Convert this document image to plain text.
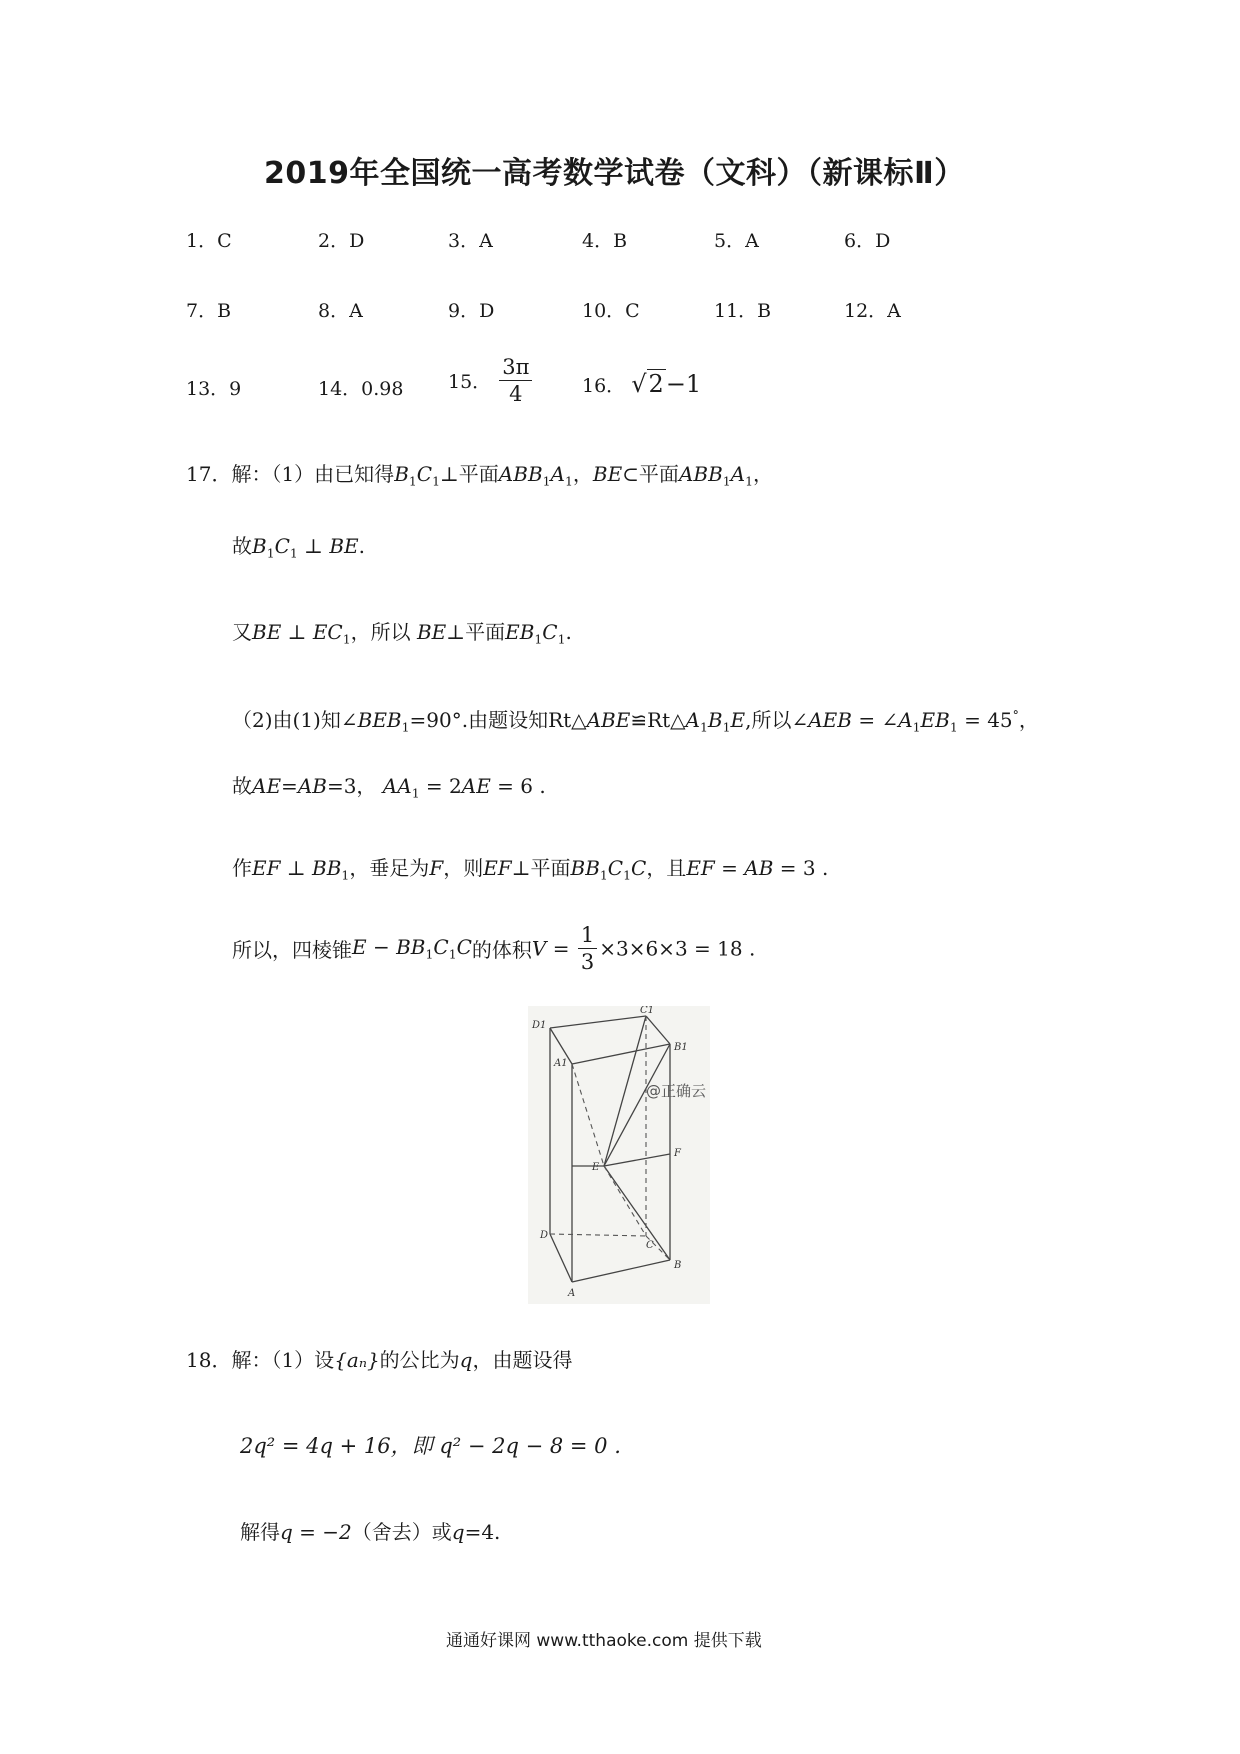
2019年全国统一高考数学试卷（文科）（新课标Ⅱ）
1．C	2．D	3．A	4．B	5．A	6．D
7．B	8．A	9．D	10．C	11．B	12．A
13．9	14．0.98 15． $\frac{3\pi}{4}$	16． √2−1
17．解：（1）由已知得$B_1C_1\perp$平面$ABB_1A_1$，BE⊂平面$ABB_1A_1$，
故$B_1C_1$ ⊥ BE.
又BE ⊥ $EC_1$，所以 BE⊥平面$EB_1C_1$.
（2)由(1)知$\angle BEB_1=90^\circ$.由题设知$Rt\triangle ABE≌Rt\triangle A_1B_1E$,所以∠AEB = $\angle A_1EB_1 = 45^\circ$，
故AE=AB=3， $AA_1 = 2AE = 6$ .
作EF ⊥ $BB_1$，垂足为F，则EF⊥平面$BB_1C_1C$，且EF = AB = 3 .
所以，四棱锥$E - BB_1C_1C$的体积$V = \frac{1}{3} \times 3\times 6\times 3 = 18$ .
D1
C1
B1
A1
F
E
D
C
B
A
@正确云
18．解：（1）设{aₙ}的公比为q，由题设得
2q² = 4q + 16，即 q² − 2q − 8 = 0 .
解得q = −2（舍去）或q=4.
通通好课网 www.tthaoke.com 提供下载
